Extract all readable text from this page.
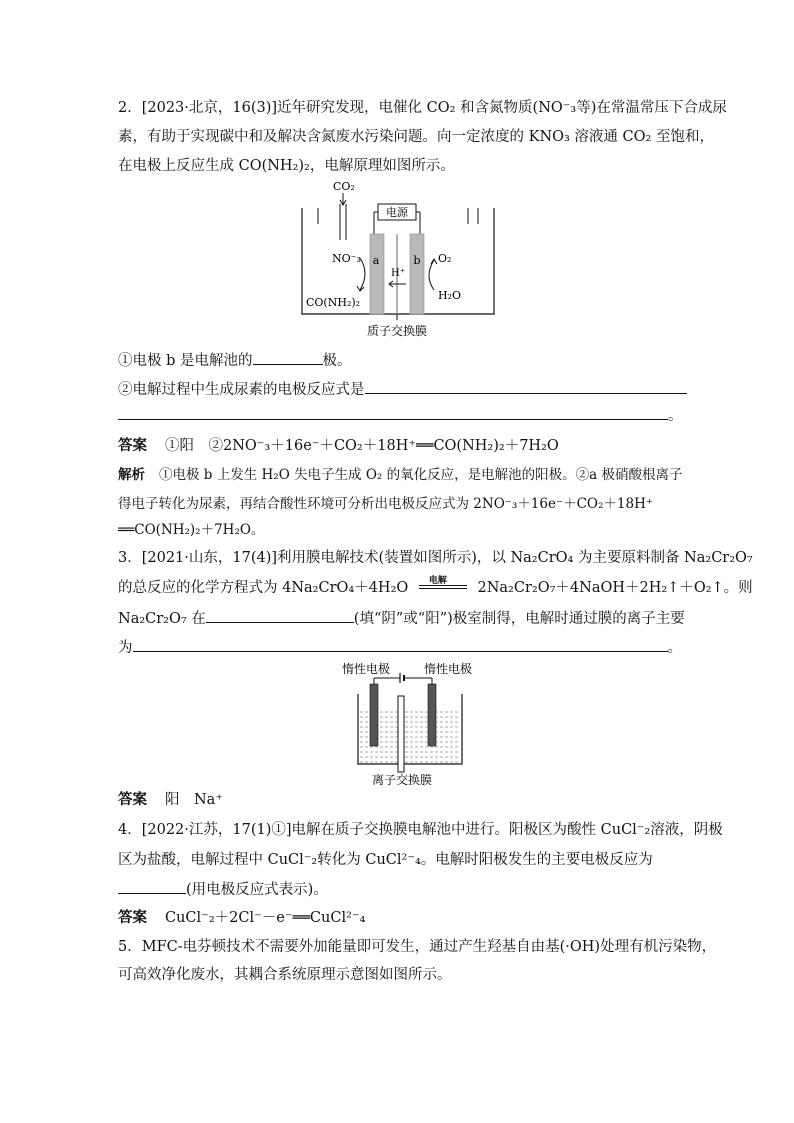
2．[2023·北京，16(3)]近年研究发现，电催化 CO₂ 和含氮物质(NO⁻₃等)在常温常压下合成尿
素，有助于实现碳中和及解决含氮废水污染问题。向一定浓度的 KNO₃ 溶液通 CO₂ 至饱和，
在电极上反应生成 CO(NH₂)₂，电解原理如图所示。
CO₂
电源
a	b
H⁺
NO⁻₃
CO(NH₂)₂
O₂
H₂O
质子交换膜
①电极 b 是电解池的	极。
②电解过程中生成尿素的电极反应式是
。
答案 ①阳　②2NO⁻₃＋16e⁻＋CO₂＋18H⁺══CO(NH₂)₂＋7H₂O
解析 ①电极 b 上发生 H₂O 失电子生成 O₂ 的氧化反应，是电解池的阳极。②a 极硝酸根离子
得电子转化为尿素，再结合酸性环境可分析出电极反应式为 2NO⁻₃＋16e⁻＋CO₂＋18H⁺
══CO(NH₂)₂＋7H₂O。
3．[2021·山东，17(4)]利用膜电解技术(装置如图所示)，以 Na₂CrO₄ 为主要原料制备 Na₂Cr₂O₇
的总反应的化学方程式为 4Na₂CrO₄＋4H₂O 电解 2Na₂Cr₂O₇＋4NaOH＋2H₂↑＋O₂↑。则
Na₂Cr₂O₇ 在	(填“阴”或“阳”)极室制得，电解时通过膜的离子主要
为	。
惰性电极	惰性电极
离子交换膜
答案 阳　Na⁺
4．[2022·江苏，17(1)①]电解在质子交换膜电解池中进行。阳极区为酸性 CuCl⁻₂溶液，阴极
区为盐酸，电解过程中 CuCl⁻₂转化为 CuCl²⁻₄。电解时阳极发生的主要电极反应为
(用电极反应式表示)。
答案 CuCl⁻₂＋2Cl⁻－e⁻══CuCl²⁻₄
5．MFC-电芬顿技术不需要外加能量即可发生，通过产生羟基自由基(·OH)处理有机污染物，
可高效净化废水，其耦合系统原理示意图如图所示。
